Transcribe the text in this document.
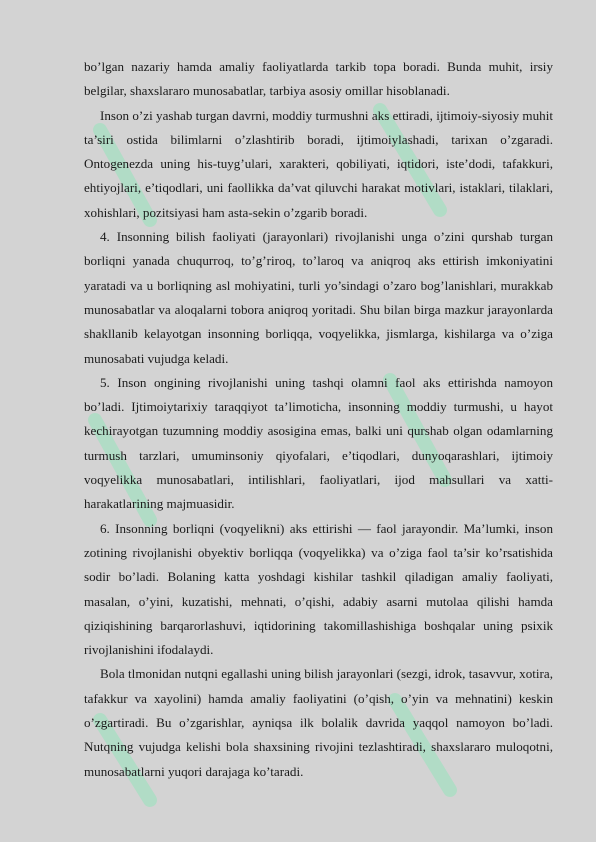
bo’lgan nazariy hamda amaliy faoliyatlarda tarkib topa boradi. Bunda muhit, irsiy belgilar, shaxslararo munosabatlar, tarbiya asosiy omillar hisoblanadi.

Inson o’zi yashab turgan davrni, moddiy turmushni aks ettiradi, ijtimoiy-siyosiy muhit ta’siri ostida bilimlarni o’zlashtirib boradi, ijtimoiylashadi, tarixan o’zgaradi. Ontogenezda uning his-tuyg’ulari, xarakteri, qobiliyati, iqtidori, iste’dodi, tafakkuri, ehtiyojlari, e’tiqodlari, uni faollikka da’vat qiluvchi harakat motivlari, istaklari, tilaklari, xohishlari, pozitsiyasi ham asta-sekin o’zgarib boradi.

4. Insonning bilish faoliyati (jarayonlari) rivojlanishi unga o’zini qurshab turgan borliqni yanada chuqurroq, to’g’riroq, to’laroq va aniqroq aks ettirish imkoniyatini yaratadi va u borliqning asl mohiyatini, turli yo’sindagi o’zaro bog’lanishlari, murakkab munosabatlar va aloqalarni tobora aniqroq yoritadi. Shu bilan birga mazkur jarayonlarda shakllanib kelayotgan insonning borliqqa, voqyelikka, jismlarga, kishilarga va o’ziga munosabati vujudga keladi.

5. Inson ongining rivojlanishi uning tashqi olamni faol aks ettirishda namoyon bo’ladi. Ijtimoiytarixiy taraqqiyot ta’limoticha, insonning moddiy turmushi, u hayot kechirayotgan tuzumning moddiy asosigina emas, balki uni qurshab olgan odamlarning turmush tarzlari, umuminsoniy qiyofalari, e’tiqodlari, dunyoqarashlari, ijtimoiy voqyelikka munosabatlari, intilishlari, faoliyatlari, ijod mahsullari va xatti-harakatlarining majmuasidir.

6. Insonning borliqni (voqyelikni) aks ettirishi — faol jarayondir. Ma’lumki, inson zotining rivojlanishi obyektiv borliqqa (voqyelikka) va o’ziga faol ta’sir ko’rsatishida sodir bo’ladi. Bolaning katta yoshdagi kishilar tashkil qiladigan amaliy faoliyati, masalan, o’yini, kuzatishi, mehnati, o’qishi, adabiy asarni mutolaa qilishi hamda qiziqishining barqarorlashuvi, iqtidorining takomillashishiga boshqalar uning psixik rivojlanishini ifodalaydi.

Bola tlmonidan nutqni egallashi uning bilish jarayonlari (sezgi, idrok, tasavvur, xotira, tafakkur va xayolini) hamda amaliy faoliyatini (o’qish, o’yin va mehnatini) keskin o’zgartiradi. Bu o’zgarishlar, ayniqsa ilk bolalik davrida yaqqol namoyon bo’ladi. Nutqning vujudga kelishi bola shaxsining rivojini tezlashtiradi, shaxslararo muloqotni, munosabatlarni yuqori darajaga ko’taradi.
